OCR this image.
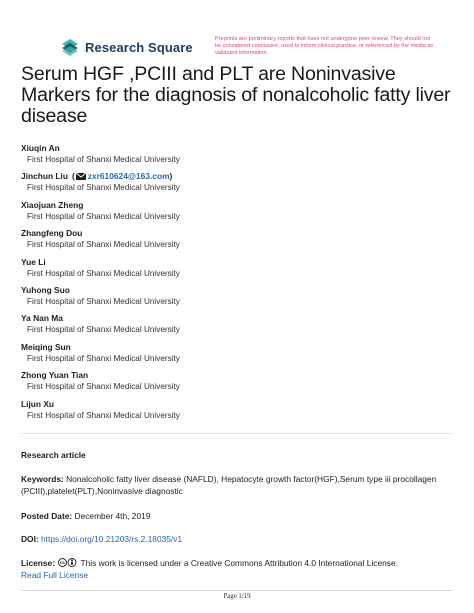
Research Square
Preprints are preliminary reports that have not undergone peer review. They should not be considered conclusive, used to inform clinical practice, or referenced by the media as validated information.
Serum HGF ,PCIII and PLT are Noninvasive Markers for the diagnosis of nonalcoholic fatty liver disease
Xiuqin An
First Hospital of Shanxi Medical University
Jinchun Liu ( zxr610624@163.com )
First Hospital of Shanxi Medical University
Xiaojuan Zheng
First Hospital of Shanxi Medical University
Zhangfeng Dou
First Hospital of Shanxi Medical University
Yue Li
First Hospital of Shanxi Medical University
Yuhong Suo
First Hospital of Shanxi Medical University
Ya Nan Ma
First Hospital of Shanxi Medical University
Meiqing Sun
First Hospital of Shanxi Medical University
Zhong Yuan Tian
First Hospital of Shanxi Medical University
Lijun Xu
First Hospital of Shanxi Medical University
Research article
Keywords: Nonalcoholic fatty liver disease (NAFLD), Hepatocyte growth factor(HGF),Serum type iii procollagen (PCIII),platelet(PLT),Noninvasive diagnostic
Posted Date: December 4th, 2019
DOI: https://doi.org/10.21203/rs.2.18035/v1
License: cc This work is licensed under a Creative Commons Attribution 4.0 International License.
Read Full License
Page 1/19
